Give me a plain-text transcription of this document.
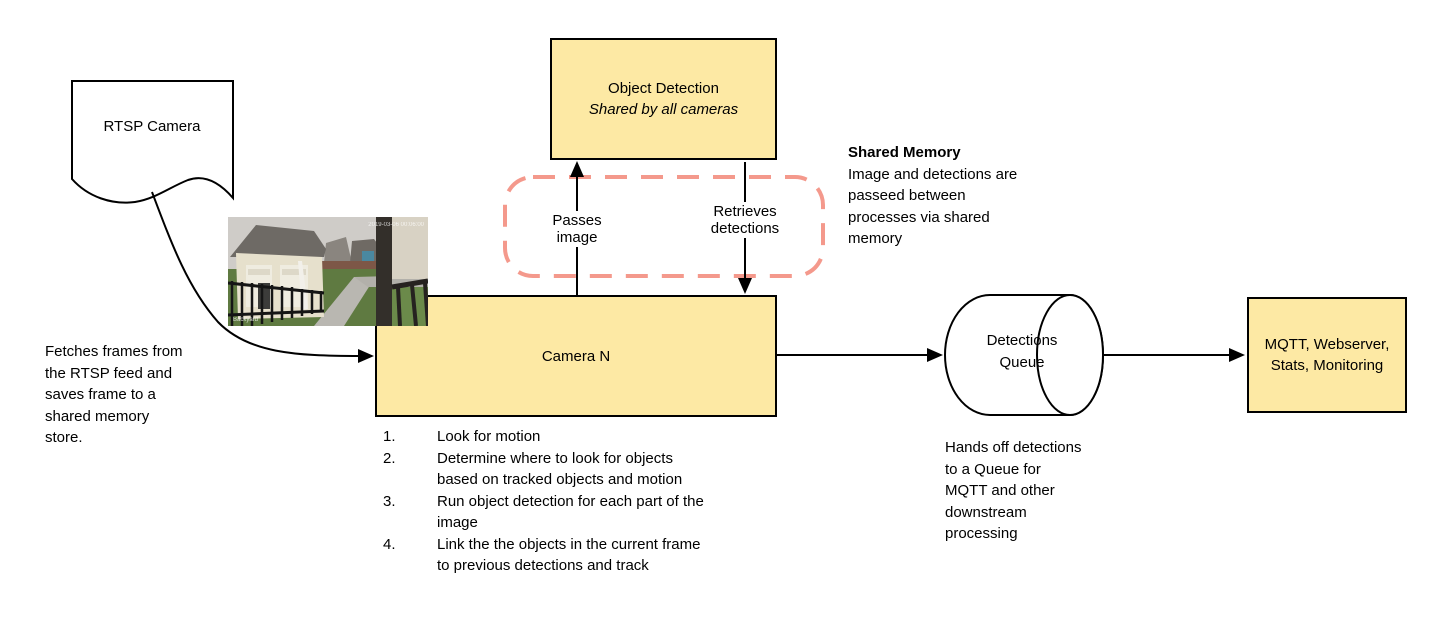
RTSP Camera
Fetches frames from
the RTSP feed and
saves frame to a
shared memory
store.
Object Detection
Shared by all cameras
Shared Memory
Image and detections are
passeed between
processes via shared
memory
Camera N
2019-03-06 00:06:00
Backyard
Passes
image
Retrieves
detections
1.	Look for motion
2.	Determine where to look for objects
based on tracked objects and motion
3.	Run object detection for each part of the
image
4.	Link the the objects in the current frame
to previous detections and track
Detections
Queue
Hands off detections
to a Queue for
MQTT and other
downstream
processing
MQTT, Webserver,
Stats, Monitoring
